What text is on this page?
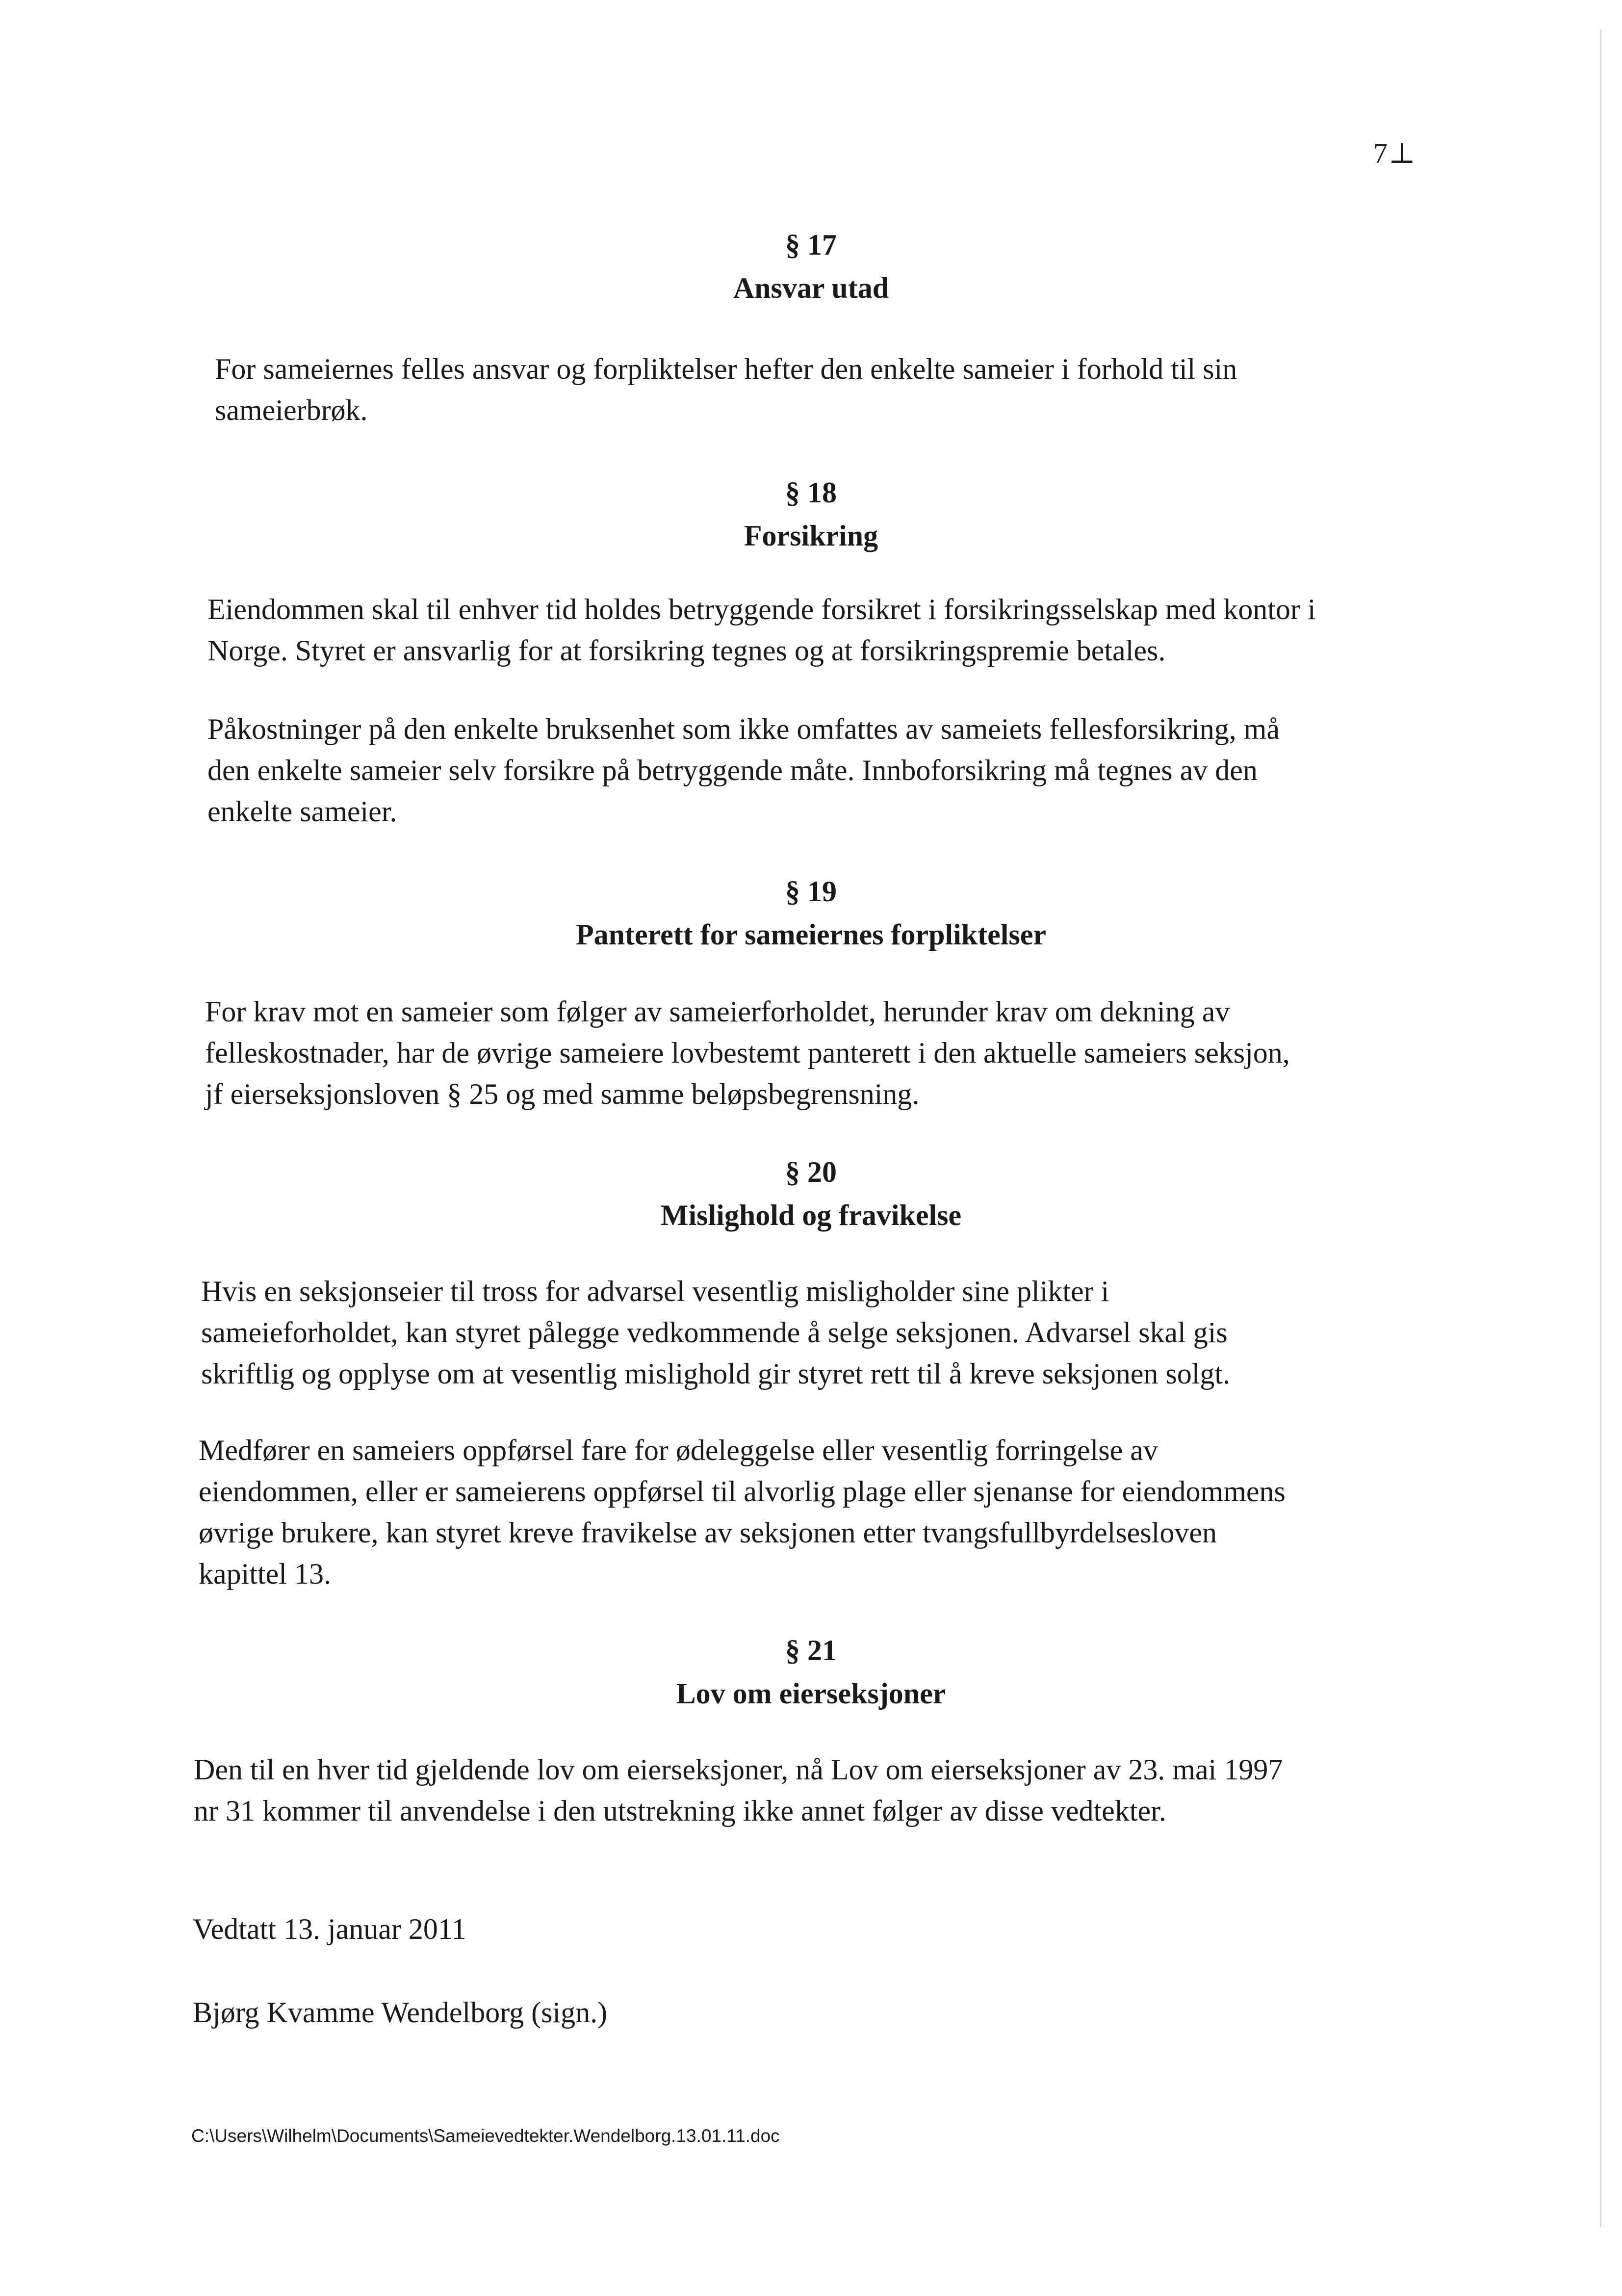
7⊥
§ 17
Ansvar utad
For sameiernes felles ansvar og forpliktelser hefter den enkelte sameier i forhold til sin
sameierbrøk.
§ 18
Forsikring
Eiendommen skal til enhver tid holdes betryggende forsikret i forsikringsselskap med kontor i
Norge. Styret er ansvarlig for at forsikring tegnes og at forsikringspremie betales.
Påkostninger på den enkelte bruksenhet som ikke omfattes av sameiets fellesforsikring, må
den enkelte sameier selv forsikre på betryggende måte. Innboforsikring må tegnes av den
enkelte sameier.
§ 19
Panterett for sameiernes forpliktelser
For krav mot en sameier som følger av sameierforholdet, herunder krav om dekning av
felleskostnader, har de øvrige sameiere lovbestemt panterett i den aktuelle sameiers seksjon,
jf eierseksjonsloven § 25 og med samme beløpsbegrensning.
§ 20
Mislighold og fravikelse
Hvis en seksjonseier til tross for advarsel vesentlig misligholder sine plikter i
sameieforholdet, kan styret pålegge vedkommende å selge seksjonen. Advarsel skal gis
skriftlig og opplyse om at vesentlig mislighold gir styret rett til å kreve seksjonen solgt.
Medfører en sameiers oppførsel fare for ødeleggelse eller vesentlig forringelse av
eiendommen, eller er sameierens oppførsel til alvorlig plage eller sjenanse for eiendommens
øvrige brukere, kan styret kreve fravikelse av seksjonen etter tvangsfullbyrdelsesloven
kapittel 13.
§ 21
Lov om eierseksjoner
Den til en hver tid gjeldende lov om eierseksjoner, nå Lov om eierseksjoner av 23. mai 1997
nr 31 kommer til anvendelse i den utstrekning ikke annet følger av disse vedtekter.
Vedtatt 13. januar 2011
Bjørg Kvamme Wendelborg (sign.)
C:\Users\Wilhelm\Documents\Sameievedtekter.Wendelborg.13.01.11.doc
